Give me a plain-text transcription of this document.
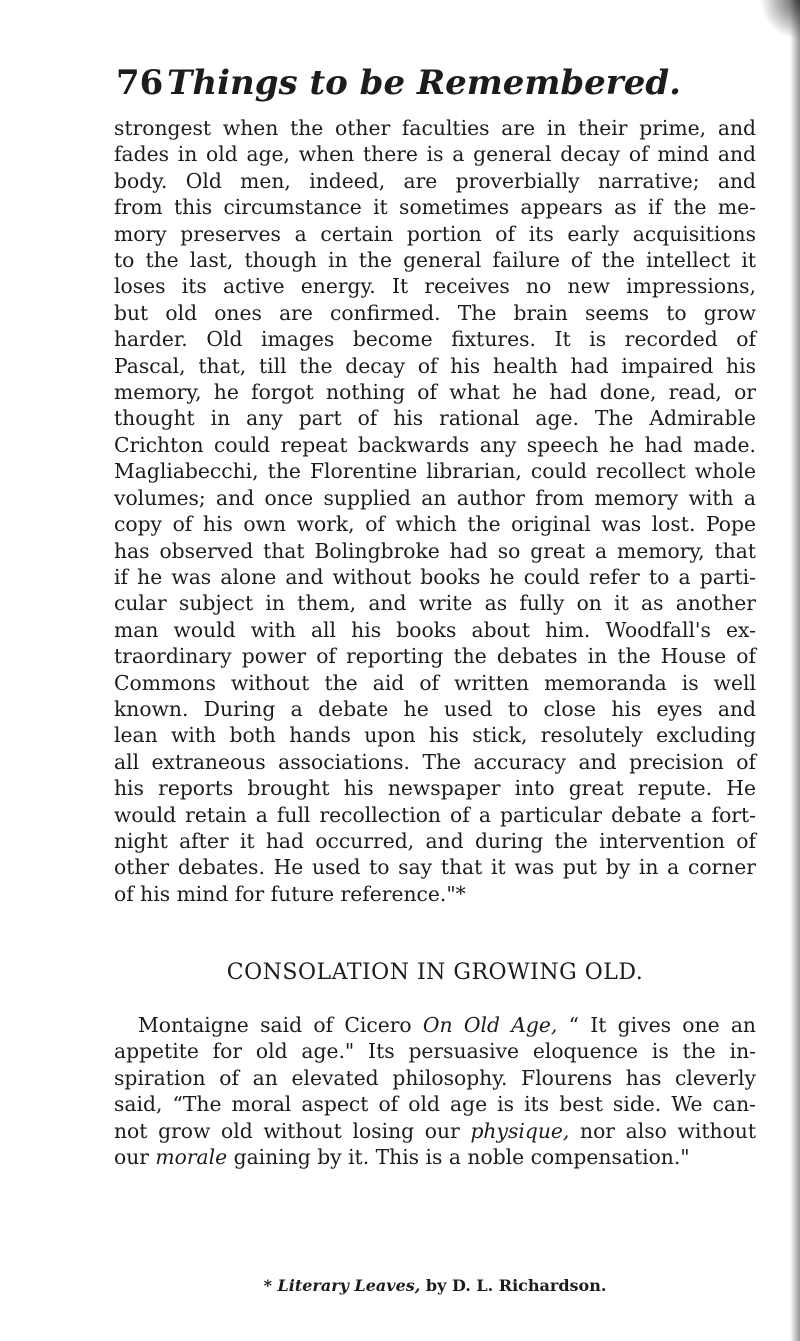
76 Things to be Remembered.
strongest when the other faculties are in their prime, and
fades in old age, when there is a general decay of mind and
body. Old men, indeed, are proverbially narrative; and
from this circumstance it sometimes appears as if the me-
mory preserves a certain portion of its early acquisitions
to the last, though in the general failure of the intellect it
loses its active energy. It receives no new impressions,
but old ones are confirmed. The brain seems to grow
harder. Old images become fixtures. It is recorded of
Pascal, that, till the decay of his health had impaired his
memory, he forgot nothing of what he had done, read, or
thought in any part of his rational age. The Admirable
Crichton could repeat backwards any speech he had made.
Magliabecchi, the Florentine librarian, could recollect whole
volumes; and once supplied an author from memory with a
copy of his own work, of which the original was lost. Pope
has observed that Bolingbroke had so great a memory, that
if he was alone and without books he could refer to a parti-
cular subject in them, and write as fully on it as another
man would with all his books about him. Woodfall's ex-
traordinary power of reporting the debates in the House of
Commons without the aid of written memoranda is well
known. During a debate he used to close his eyes and
lean with both hands upon his stick, resolutely excluding
all extraneous associations. The accuracy and precision of
his reports brought his newspaper into great repute. He
would retain a full recollection of a particular debate a fort-
night after it had occurred, and during the intervention of
other debates. He used to say that it was put by in a corner
of his mind for future reference."*
CONSOLATION IN GROWING OLD.
Montaigne said of Cicero On Old Age, “ It gives one an
appetite for old age." Its persuasive eloquence is the in-
spiration of an elevated philosophy. Flourens has cleverly
said, “The moral aspect of old age is its best side. We can-
not grow old without losing our physique, nor also without
our morale gaining by it. This is a noble compensation."
* Literary Leaves, by D. L. Richardson.
